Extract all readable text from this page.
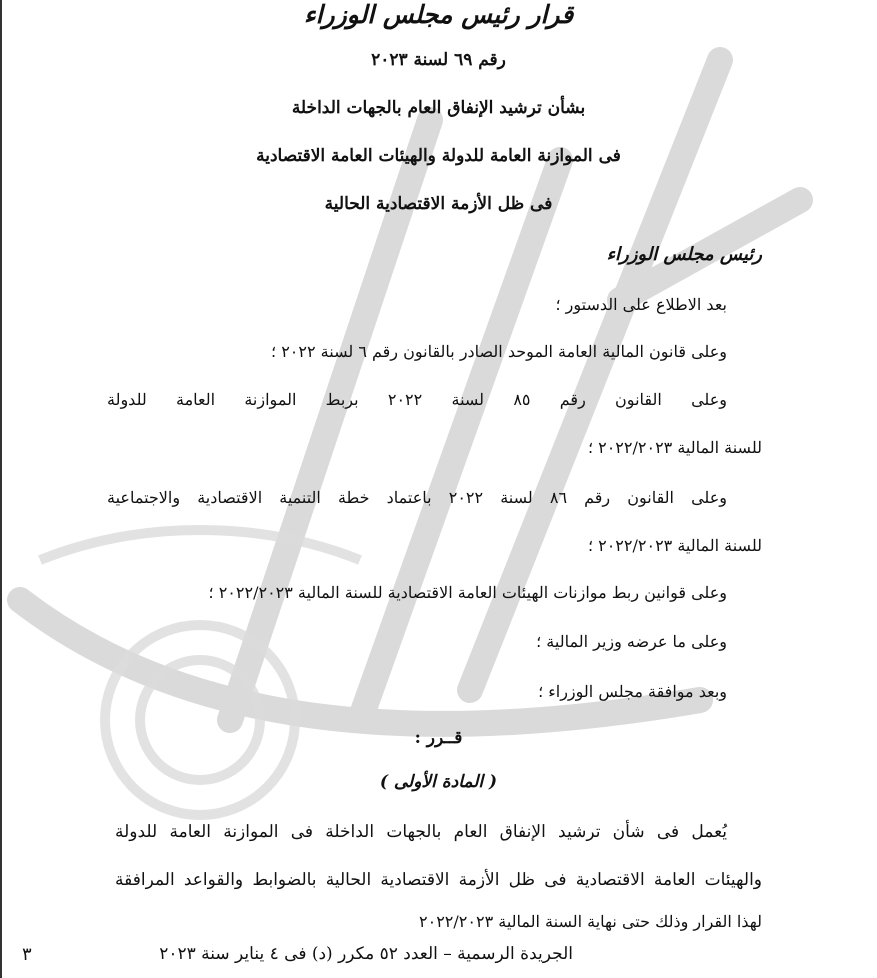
قرار رئيس مجلس الوزراء
رقم ٦٩ لسنة ٢٠٢٣
بشأن ترشيد الإنفاق العام بالجهات الداخلة
فى الموازنة العامة للدولة والهيئات العامة الاقتصادية
فى ظل الأزمة الاقتصادية الحالية
رئيس مجلس الوزراء
بعد الاطلاع على الدستور ؛
وعلى قانون المالية العامة الموحد الصادر بالقانون رقم ٦ لسنة ٢٠٢٢ ؛
وعلى القانون رقم ٨٥ لسنة ٢٠٢٢ بربط الموازنة العامة للدولة
للسنة المالية ٢٠٢٢/٢٠٢٣ ؛
وعلى القانون رقم ٨٦ لسنة ٢٠٢٢ باعتماد خطة التنمية الاقتصادية والاجتماعية
للسنة المالية ٢٠٢٢/٢٠٢٣ ؛
وعلى قوانين ربط موازنات الهيئات العامة الاقتصادية للسنة المالية ٢٠٢٢/٢٠٢٣ ؛
وعلى ما عرضه وزير المالية ؛
وبعد موافقة مجلس الوزراء ؛
قــرر :
( المادة الأولى )
يُعمل فى شأن ترشيد الإنفاق العام بالجهات الداخلة فى الموازنة العامة للدولة
والهيئات العامة الاقتصادية فى ظل الأزمة الاقتصادية الحالية بالضوابط والقواعد المرافقة
لهذا القرار وذلك حتى نهاية السنة المالية ٢٠٢٢/٢٠٢٣
الجريدة الرسمية – العدد ٥٢ مكرر (د) فى ٤ يناير سنة ٢٠٢٣
٣
